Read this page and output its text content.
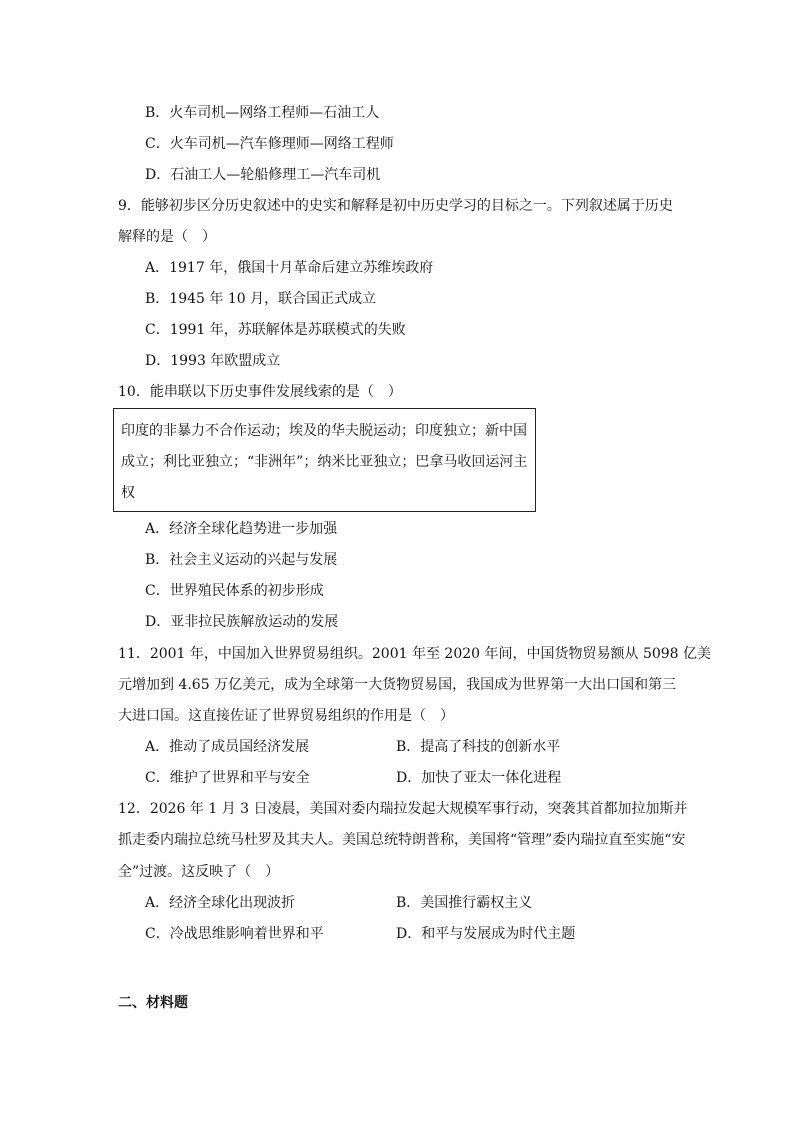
B．火车司机—网络工程师—石油工人
C．火车司机—汽车修理师—网络工程师
D．石油工人—轮船修理工—汽车司机
9．能够初步区分历史叙述中的史实和解释是初中历史学习的目标之一。下列叙述属于历史
解释的是（　）
A．1917 年，俄国十月革命后建立苏维埃政府
B．1945 年 10 月，联合国正式成立
C．1991 年，苏联解体是苏联模式的失败
D．1993 年欧盟成立
10．能串联以下历史事件发展线索的是（　）
印度的非暴力不合作运动；埃及的华夫脱运动；印度独立；新中国
成立；利比亚独立；“非洲年”；纳米比亚独立；巴拿马收回运河主
权
A．经济全球化趋势进一步加强
B．社会主义运动的兴起与发展
C．世界殖民体系的初步形成
D．亚非拉民族解放运动的发展
11．2001 年，中国加入世界贸易组织。2001 年至 2020 年间，中国货物贸易额从 5098 亿美
元增加到 4.65 万亿美元，成为全球第一大货物贸易国，我国成为世界第一大出口国和第三
大进口国。这直接佐证了世界贸易组织的作用是（　）
A．推动了成员国经济发展	B．提高了科技的创新水平
C．维护了世界和平与安全	D．加快了亚太一体化进程
12．2026 年 1 月 3 日凌晨，美国对委内瑞拉发起大规模军事行动，突袭其首都加拉加斯并
抓走委内瑞拉总统马杜罗及其夫人。美国总统特朗普称，美国将“管理”委内瑞拉直至实施“安
全”过渡。这反映了（　）
A．经济全球化出现波折	B．美国推行霸权主义
C．冷战思维影响着世界和平	D．和平与发展成为时代主题
二、材料题
